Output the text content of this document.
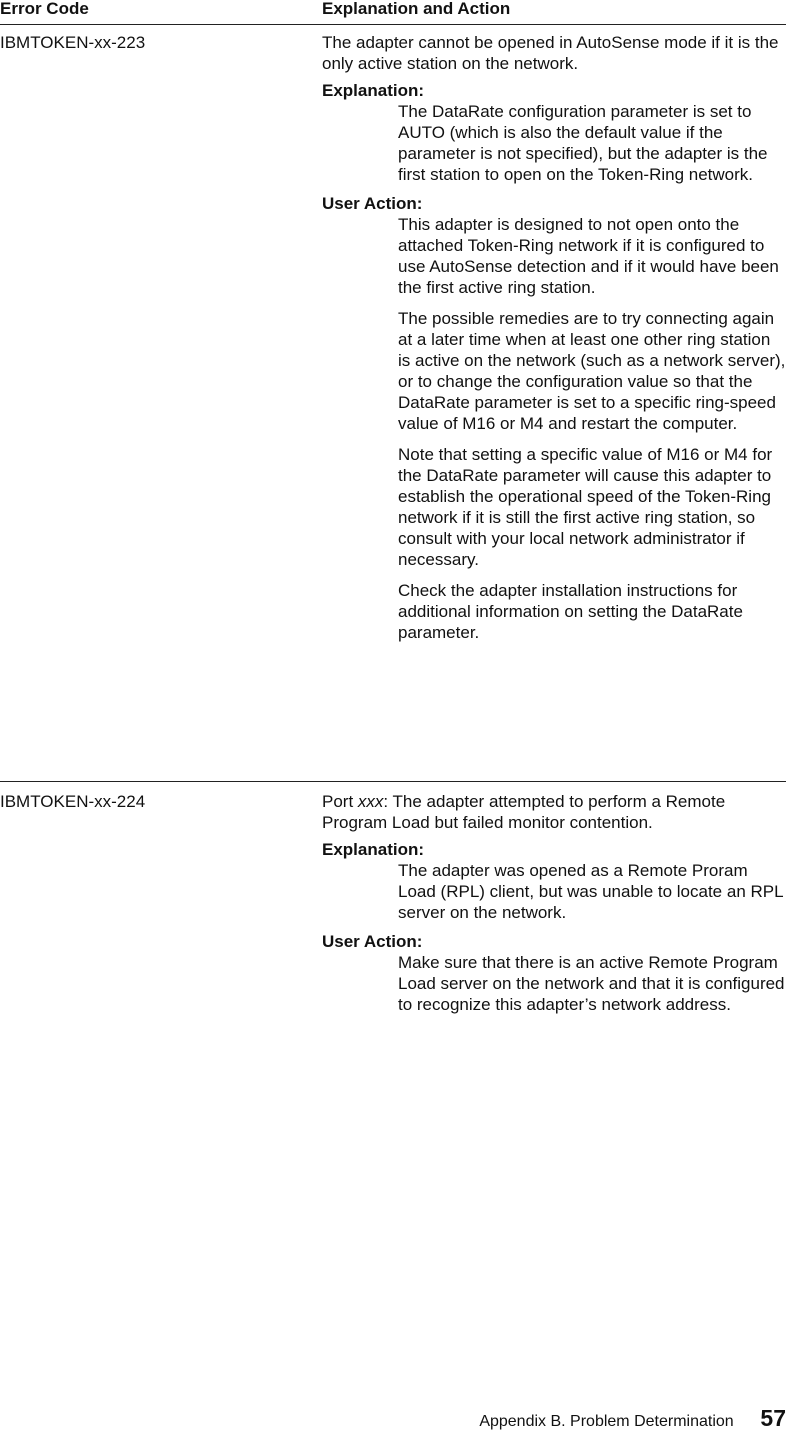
Error Code	Explanation and Action
IBMTOKEN-xx-223	The adapter cannot be opened in AutoSense mode if it is the only active station on the network.

Explanation:

The DataRate configuration parameter is set to AUTO (which is also the default value if the parameter is not specified), but the adapter is the first station to open on the Token-Ring network.

User Action:

This adapter is designed to not open onto the attached Token-Ring network if it is configured to use AutoSense detection and if it would have been the first active ring station.

The possible remedies are to try connecting again at a later time when at least one other ring station is active on the network (such as a network server), or to change the configuration value so that the DataRate parameter is set to a specific ring-speed value of M16 or M4 and restart the computer.

Note that setting a specific value of M16 or M4 for the DataRate parameter will cause this adapter to establish the operational speed of the Token-Ring network if it is still the first active ring station, so consult with your local network administrator if necessary.

Check the adapter installation instructions for additional information on setting the DataRate parameter.

IBMTOKEN-xx-224	Port xxx: The adapter attempted to perform a Remote Program Load but failed monitor contention.

Explanation:

The adapter was opened as a Remote Proram Load (RPL) client, but was unable to locate an RPL server on the network.

User Action:

Make sure that there is an active Remote Program Load server on the network and that it is configured to recognize this adapter’s network address.

Appendix B. Problem Determination 57
